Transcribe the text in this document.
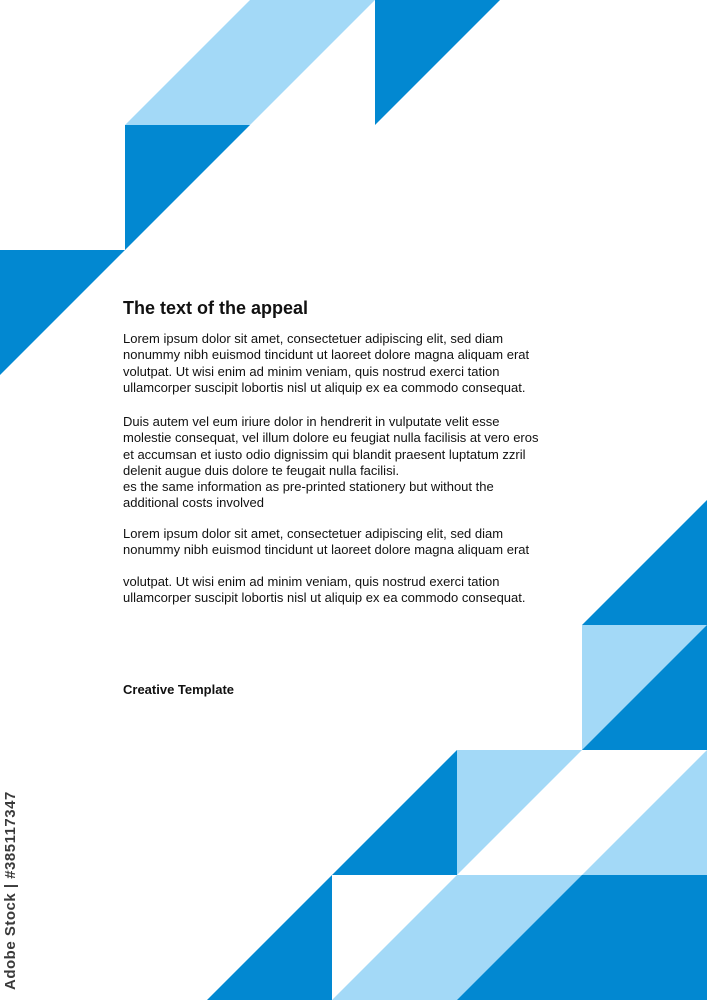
The text of the appeal

Lorem ipsum dolor sit amet, consectetuer adipiscing elit, sed diam
nonummy nibh euismod tincidunt ut laoreet dolore magna aliquam erat
volutpat. Ut wisi enim ad minim veniam, quis nostrud exerci tation
ullamcorper suscipit lobortis nisl ut aliquip ex ea commodo consequat.

Duis autem vel eum iriure dolor in hendrerit in vulputate velit esse
molestie consequat, vel illum dolore eu feugiat nulla facilisis at vero eros
et accumsan et iusto odio dignissim qui blandit praesent luptatum zzril
delenit augue duis dolore te feugait nulla facilisi.
es the same information as pre-printed stationery but without the
additional costs involved

Lorem ipsum dolor sit amet, consectetuer adipiscing elit, sed diam
nonummy nibh euismod tincidunt ut laoreet dolore magna aliquam erat

volutpat. Ut wisi enim ad minim veniam, quis nostrud exerci tation
ullamcorper suscipit lobortis nisl ut aliquip ex ea commodo consequat.

Creative Template

Adobe Stock | #385117347
